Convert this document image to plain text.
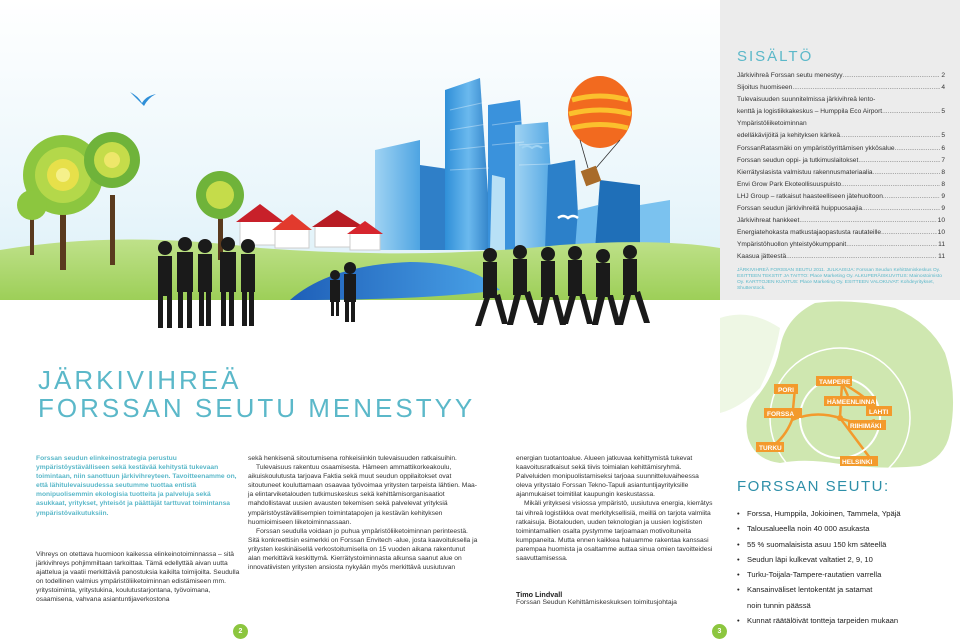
SISÄLTÖ
Järkivihreä Forssan seutu menestyy .....	2
Sijoitus huomiseen .....	4
Tulevaisuuden suunnitelmissa järkivihreä lento-
kenttä ja logistiikkakeskus – Humppila Eco Airport .....	5
Ympäristöliiketoiminnan
edelläkävijöitä ja kehityksen kärkeä .....	5
ForssanRatasmäki on ympäristöyrittämisen ykkösalue .....	6
Forssan seudun oppi- ja tutkimuslaitokset .....	7
Kierrätyslasista valmistuu rakennusmateriaalia .....	8
Envi Grow Park Ekoteollisuuspuisto .....	8
LHJ Group – ratkaisut haasteelliseen jätehuoltoon .....	9
Forssan seudun järkivihreitä huippuosaajia .....	9
Järkivihreat hankkeet .....	10
Energiatehokasta matkustajaopastusta rautateille .....	10
Ympäristöhuollon yhteistyökumppanit .....	11
Kaasua jätteestä .....	11
JÄRKIVIHREÄ FORSSAN SEUTU 2011. JULKAISIJA: Forssan Seudun Kehittämiskeskus Oy. ESITTEEN TEKSTIT JA TAITTO: Place Marketing Oy. ALKUPERÄISKUVITUS: Mainostoimisto Oy. KARTTOJEN KUVITUS: Place Marketing Oy. ESITTEEN VALOKUVAT: Kohdeyritykset, Shutterstock.
TAMPERE
PORI
HÄMEENLINNA
LAHTI
FORSSA
RIIHIMÄKI
TURKU
HELSINKI
JÄRKIVIHREÄ
FORSSAN SEUTU MENESTYY
Forssan seudun elinkeinostrategia perustuu ympäristöystävälliseen sekä kestävää kehitystä tukevaan toimintaan, niin sanottuun järkivihreyteen. Tavoitteenamme on, että lähitulevaisuudessa seutumme tuottaa entistä monipuolisemmin ekologisia tuotteita ja palveluja sekä asukkaat, yritykset, yhteisöt ja päättäjät tarttuvat toimintansa ympäristövaikutuksiin.

Vihreys on otettava huomioon kaikessa elinkeinotoiminnassa – sitä järkivihreys pohjimmiltaan tarkoittaa. Tämä edellyttää aivan uutta ajattelua ja vaatii merkittäviä panostuksia kaikilta toimijoilta. Seudulla on todellinen valmius ympäristöliiketoiminnan edistämiseen mm. yritystoiminta, yritystukina, koulutustarjontana, työvoimana, osaamisena, vahvana asiantuntijaverkostona

sekä henkisenä sitoutumisena rohkeisiinkin tulevaisuuden ratkaisuihin.

Tulevaisuus rakentuu osaamisesta. Hämeen ammattikorkeakoulu, aikuiskoulutusta tarjoava Faktia sekä muut seudun oppilaitokset ovat sitoutuneet kouluttamaan osaavaa työvoimaa yritysten tarpeista lähtien. Maa- ja elintarviketalouden tutkimuskeskus sekä kehittämisorganisaatiot mahdollistavat uusien avausten tekemisen sekä palvelevat yrityksiä ympäristöystävällisempien toimintatapojen ja kestävän kehityksen huomioimiseen liiketoiminnassaan.

Forssan seudulla voidaan jo puhua ympäristöliiketoiminnan perinteestä. Sitä konkreettisin esimerkki on Forssan Envitech -alue, josta kaavoituksella ja yritysten keskinäisellä verkostoitumisella on 15 vuoden aikana rakentunut alan merkittävä keskittymä. Kierrätystoiminnasta alkunsa saanut alue on innovatiivisten yritysten ansiosta nykyään myös merkittävä uusiutuvan

energian tuotantoalue. Alueen jatkuvaa kehittymistä tukevat kaavoitusratkaisut sekä tiivis toimialan kehittämisryhmä. Palveluiden monipuolistamiseksi tarjoaa suunnitteluvaiheessa oleva yritystalo Forssan Tekno-Tapuli asiantuntijayrityksille ajanmukaiset toimitilat kaupungin keskustassa.

Mikäli yrityksesi visiossa ympäristö, uusiutuva energia, kierrätys tai vihreä logistiikka ovat merkityksellisiä, meillä on tarjota valmiita ratkaisuja. Biotalouden, uuden teknologian ja uusien logististen toimintamallien osalta pystymme tarjoamaan motivoituneita kumppaneita. Mutta ennen kaikkea haluamme rakentaa kanssasi parempaa huomista ja osaltamme auttaa sinua omien tavoitteidesi saavuttamisessa.

Timo Lindvall
Forssan Seudun Kehittämiskeskuksen toimitusjohtaja
FORSSAN SEUTU:
• Forssa, Humppila, Jokioinen, Tammela, Ypäjä
• Talousalueella noin 40 000 asukasta
• 55 % suomalaisista asuu 150 km säteellä
• Seudun läpi kulkevat valtatiet 2, 9, 10
• Turku-Toijala-Tampere-rautatien varrella
• Kansainväliset lentokentät ja satamat
noin tunnin päässä
• Kunnat räätälöivät tontteja tarpeiden mukaan
2	3
